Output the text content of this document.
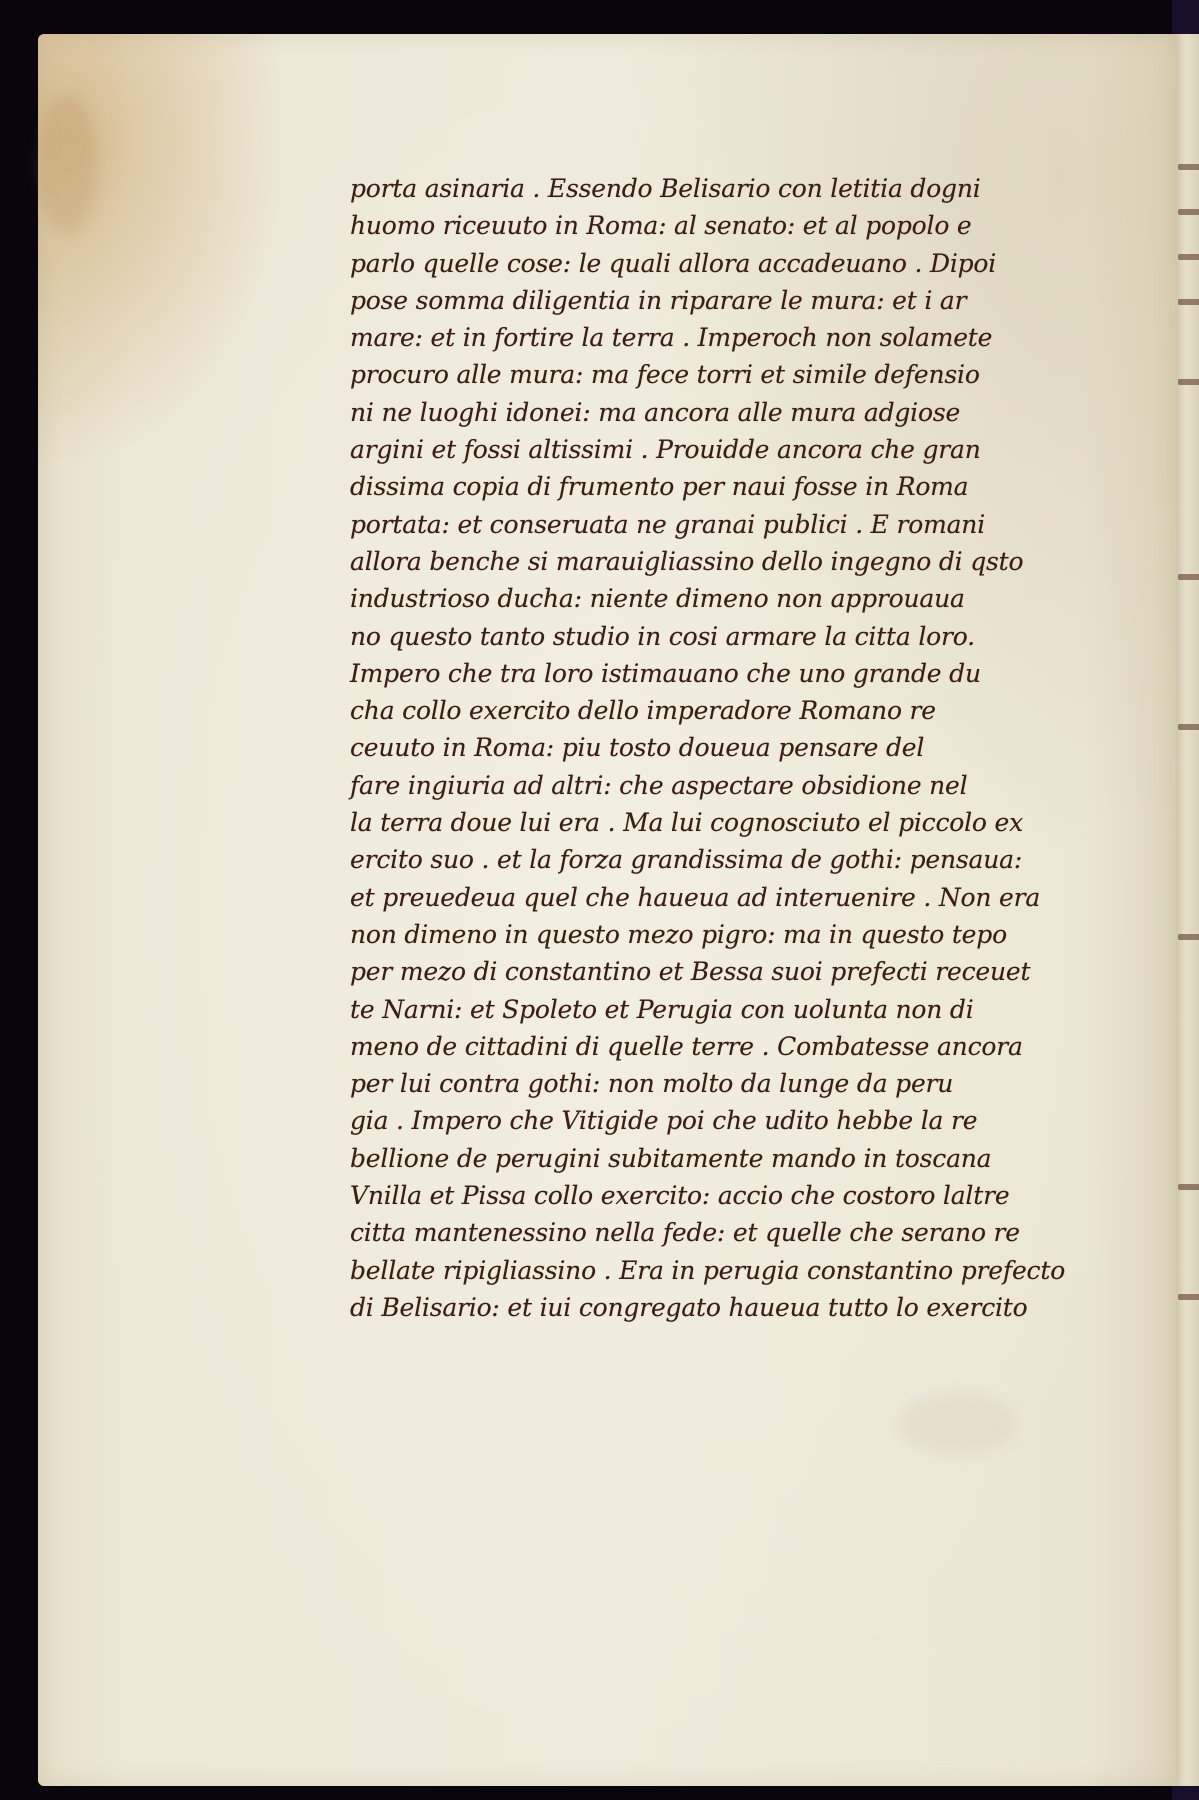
porta asinaria . Essendo Belisario con letitia dogni
huomo riceuuto in Roma: al senato: et al popolo e
parlo quelle cose: le quali allora accadeuano . Dipoi
pose somma diligentia in riparare le mura: et i ar
mare: et in fortire la terra . Imperoch non solamete
procuro alle mura: ma fece torri et simile defensio
ni ne luoghi idonei: ma ancora alle mura adgiose
argini et fossi altissimi . Prouidde ancora che gran
dissima copia di frumento per naui fosse in Roma
portata: et conseruata ne granai publici . E romani
allora benche si marauigliassino dello ingegno di qsto
industrioso ducha: niente dimeno non approuaua
no questo tanto studio in cosi armare la citta loro.
Impero che tra loro istimauano che uno grande du
cha collo exercito dello imperadore Romano re
ceuuto in Roma: piu tosto doueua pensare del
fare ingiuria ad altri: che aspectare obsidione nel
la terra doue lui era . Ma lui cognosciuto el piccolo ex
ercito suo . et la forza grandissima de gothi: pensaua:
et preuedeua quel che haueua ad interuenire . Non era
non dimeno in questo mezo pigro: ma in questo tepo
per mezo di constantino et Bessa suoi prefecti receuet
te Narni: et Spoleto et Perugia con uolunta non di
meno de cittadini di quelle terre . Combatesse ancora
per lui contra gothi: non molto da lunge da peru
gia . Impero che Vitigide poi che udito hebbe la re
bellione de perugini subitamente mando in toscana
Vnilla et Pissa collo exercito: accio che costoro laltre
citta mantenessino nella fede: et quelle che serano re
bellate ripigliassino . Era in perugia constantino prefecto
di Belisario: et iui congregato haueua tutto lo exercito
